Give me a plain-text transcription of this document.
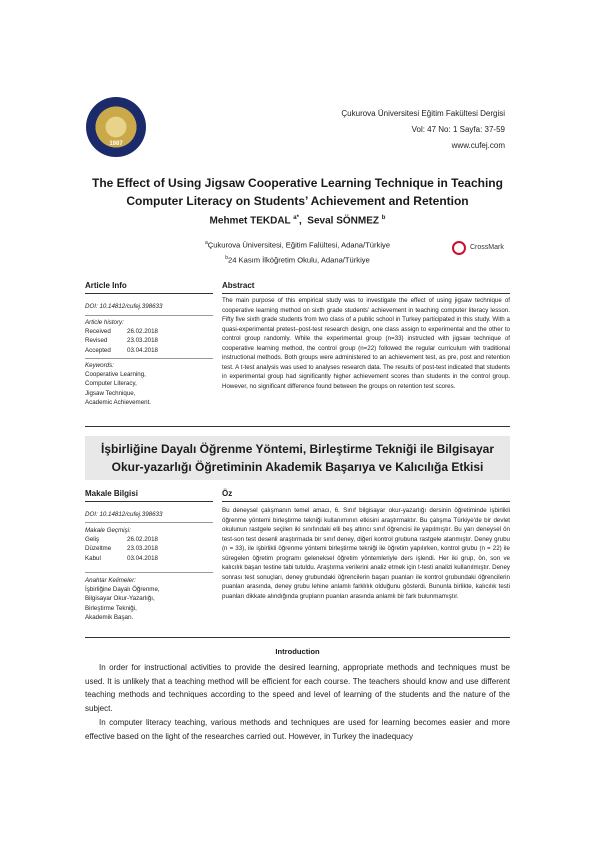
1987
Çukurova Üniversitesi Eğitim Fakültesi Dergisi
Vol: 47 No: 1 Sayfa: 37-59
www.cufej.com
The Effect of Using Jigsaw Cooperative Learning Technique in Teaching
Computer Literacy on Students’ Achievement and Retention
Mehmet TEKDAL $^{a*}$,  Seval SÖNMEZ $^b$
$^a$Çukurova Üniversitesi, Eğitim Falültesi, Adana/Türkiye
$^b$24 Kasım İlköğretim Okulu, Adana/Türkiye
CrossMark
Article Info	Abstract
DOI: 10.14812/cufej.398633
Article history:
Received	26.02.2018
Revised	23.03.2018
Accepted	03.04.2018
Keywords:
Cooperative Learning,
Computer Literacy,
Jigsaw Technique,
Academic Achievement.
The main purpose of this empirical study was to investigate the effect of using jigsaw technique of cooperative learning method on sixth grade students’ achievement in teaching computer literacy lesson. Fifty five sixth grade students from two class of a public school in Turkey participated in this study. With a quasi-experimental pretest–post-test research design, one class assign to experimental and the other to control group randomly. While the experimental group (n=33) instructed with jigsaw technique of cooperative learning method, the control group (n=22) followed the regular curriculum with traditional instructional methods. Both groups were administered to an achievement test, as pre, post and retention test. A t-test analysis was used to analyses research data. The results of post-test indicated that students in experimental group had significantly higher achievement scores than students in the control group. However, no significant difference found between the groups on retention test scores.
İşbirliğine Dayalı Öğrenme Yöntemi, Birleştirme Tekniği ile Bilgisayar
Okur-yazarlığı Öğretiminin Akademik Başarıya ve Kalıcılığa Etkisi
Makale Bilgisi	Öz
DOI: 10.14812/cufej.398633
Makale Geçmişi:
Geliş	26.02.2018
Düzeltme	23.03.2018
Kabul	03.04.2018
Anahtar Kelimeler:
İşbirliğine Dayalı Öğrenme,
Bilgisayar Okur-Yazarlığı,
Birleştirme Tekniği,
Akademik Başarı.
Bu deneysel çalışmanın temel amacı, 6. Sınıf bilgisayar okur-yazarlığı dersinin öğretiminde işbirlikli öğrenme yöntemi birleştirme tekniği kullanımının etkisini araştırmaktır. Bu çalışma Türkiye'de bir devlet okulunun rastgele seçilen iki sınıfındaki elli beş altıncı sınıf öğrencisi ile yapılmıştır. Bu yarı deneysel ön test-son test desenli araştırmada bir sınıf deney, diğeri kontrol grubuna rastgele atanmıştır. Deney grubu (n = 33), ile işbirlikli öğrenme yöntemi birleştirme tekniği ile öğretim yapılırken, kontrol grubu (n = 22) ile süregelen öğretim programı geleneksel öğretim yöntemleriyle ders işlendi. Her iki grup, ön, son ve kalıcılık başarı testine tabi tutuldu. Araştırma verilerini analiz etmek için t-testi analizi kullanılmıştır. Deney sonrası test sonuçları, deney grubundaki öğrencilerin başarı puanları ile kontrol grubundaki öğrencilerin puanları arasında, deney grubu lehine anlamlı farklılık olduğunu gösterdi. Bununla birlikte, kalıcılık testi puanları dikkate alındığında grupların puanları arasında anlamlı bir fark bulunmamıştır.
Introduction
In order for instructional activities to provide the desired learning, appropriate methods and techniques must be used. It is unlikely that a teaching method will be efficient for each course. The teachers should know and use different teaching methods and techniques according to the speed and level of learning of the students and the nature of the subject.
In computer literacy teaching, various methods and techniques are used for learning becomes easier and more effective based on the light of the researches carried out. However, in Turkey the inadequacy
